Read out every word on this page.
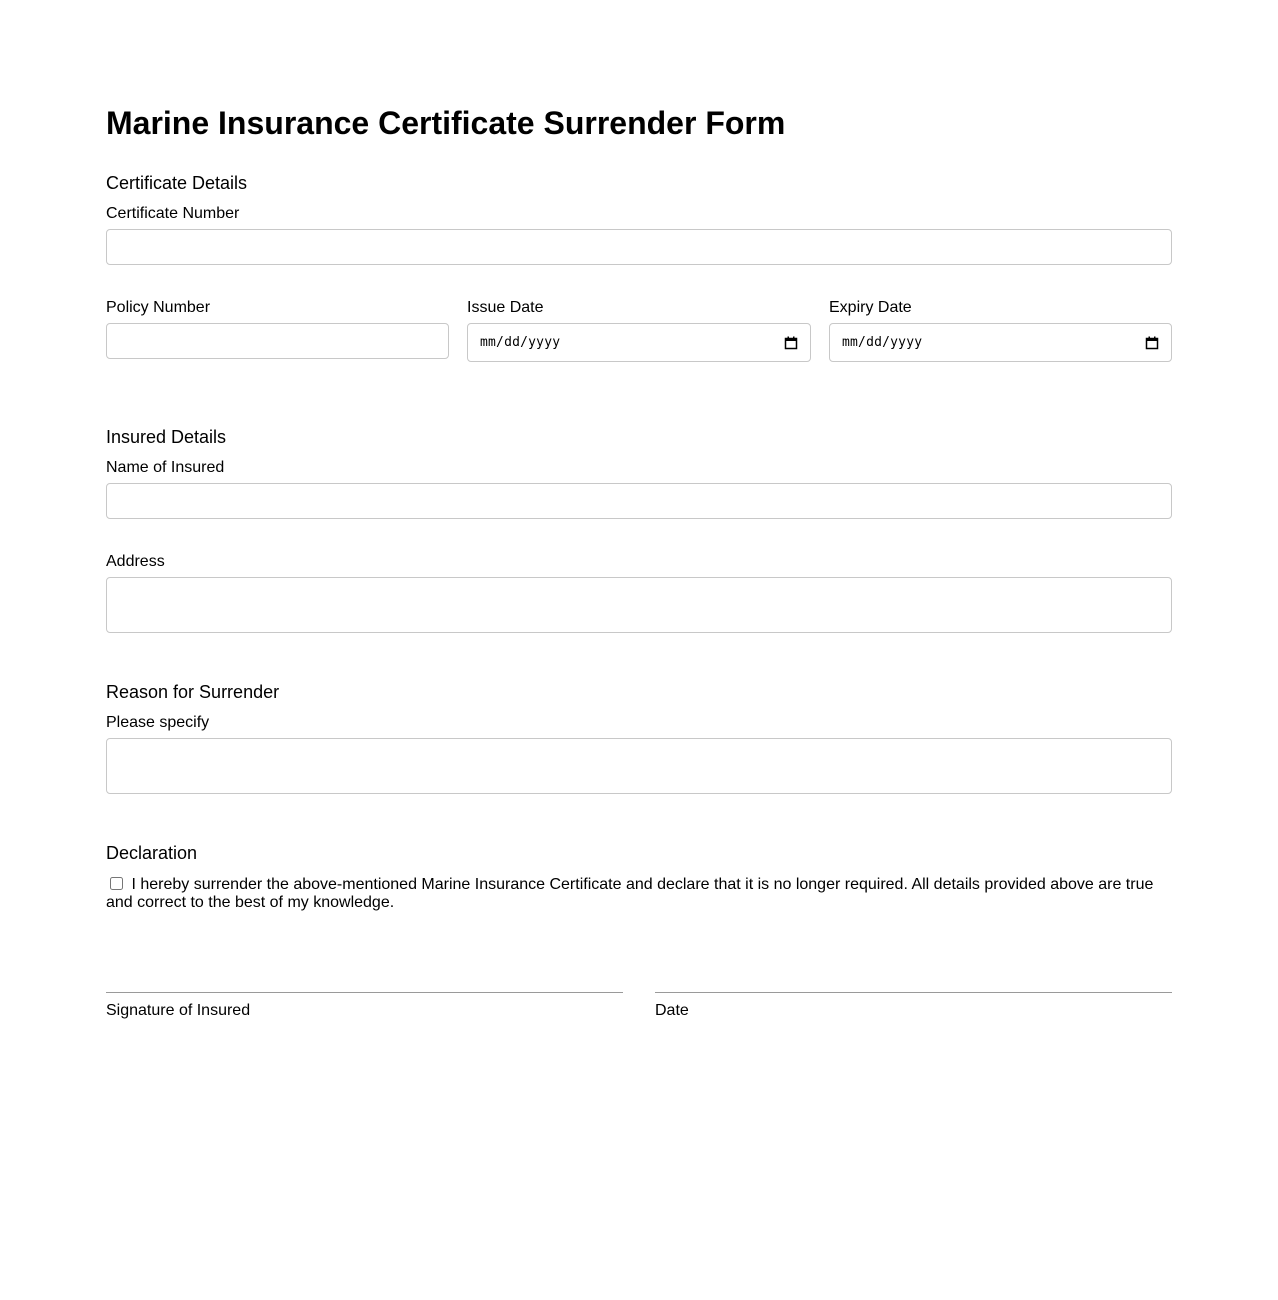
Marine Insurance Certificate Surrender Form
Certificate Details
Certificate Number
Policy Number	Issue Date
mm/dd/yyyy
Expiry Date
mm/dd/yyyy
Insured Details
Name of Insured
Address
Reason for Surrender
Please specify
Declaration
I hereby surrender the above-mentioned Marine Insurance Certificate and declare that it is no longer required. All details provided above are true and correct to the best of my knowledge.
Signature of Insured	Date
